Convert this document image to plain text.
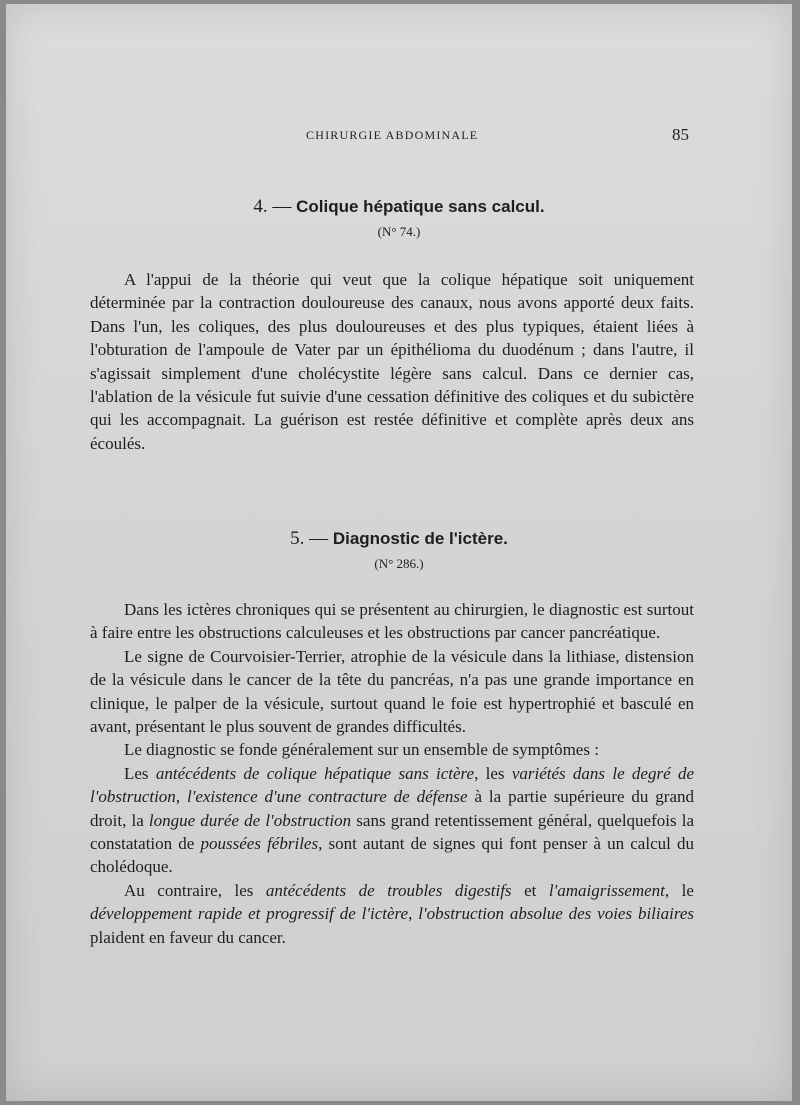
CHIRURGIE ABDOMINALE	85
4. — Colique hépatique sans calcul.
(N° 74.)

A l'appui de la théorie qui veut que la colique hépatique soit uniquement déterminée par la contraction douloureuse des canaux, nous avons apporté deux faits. Dans l'un, les coliques, des plus douloureuses et des plus typiques, étaient liées à l'obturation de l'ampoule de Vater par un épithélioma du duodénum ; dans l'autre, il s'agissait simplement d'une cholécystite légère sans calcul. Dans ce dernier cas, l'ablation de la vésicule fut suivie d'une cessation définitive des coliques et du subictère qui les accompagnait. La guérison est restée définitive et complète après deux ans écoulés.

5. — Diagnostic de l'ictère.
(N° 286.)

Dans les ictères chroniques qui se présentent au chirurgien, le diagnostic est surtout à faire entre les obstructions calculeuses et les obstructions par cancer pancréatique.

Le signe de Courvoisier-Terrier, atrophie de la vésicule dans la lithiase, distension de la vésicule dans le cancer de la tête du pancréas, n'a pas une grande importance en clinique, le palper de la vésicule, surtout quand le foie est hypertrophié et basculé en avant, présentant le plus souvent de grandes difficultés.

Le diagnostic se fonde généralement sur un ensemble de symptômes :

Les antécédents de colique hépatique sans ictère, les variétés dans le degré de l'obstruction, l'existence d'une contracture de défense à la partie supérieure du grand droit, la longue durée de l'obstruction sans grand retentissement général, quelquefois la constatation de poussées fébriles, sont autant de signes qui font penser à un calcul du cholédoque.

Au contraire, les antécédents de troubles digestifs et l'amaigrissement, le développement rapide et progressif de l'ictère, l'obstruction absolue des voies biliaires plaident en faveur du cancer.
